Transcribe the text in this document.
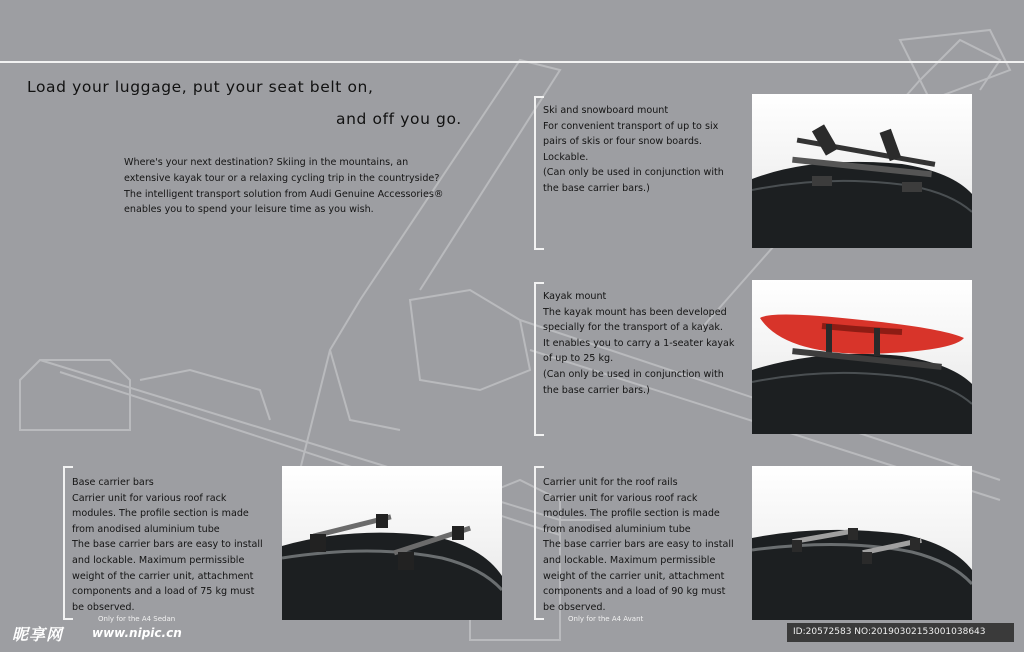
Load your luggage, put your seat belt on,
and off you go.
Where's your next destination? Skiing in the mountains, an
extensive kayak tour or a relaxing cycling trip in the countryside?
The intelligent transport solution from Audi Genuine Accessories®
enables you to spend your leisure time as you wish.

Ski and snowboard mount

For convenient transport of up to six

pairs of skis or four snow boards.

Lockable.

(Can only be used in conjunction with

the base carrier bars.)

Kayak mount

The kayak mount has been developed

specially for the transport of a kayak.

It enables you to carry a 1-seater kayak

of up to 25 kg.

(Can only be used in conjunction with

the base carrier bars.)

Base carrier bars

Carrier unit for various roof rack

modules. The profile section is made

from anodised aluminium tube

The base carrier bars are easy to install

and lockable. Maximum permissible

weight of the carrier unit, attachment

components and a load of 75 kg must

be observed.

Only for the A4 Sedan

Carrier unit for the roof rails

Carrier unit for various roof rack

modules. The profile section is made

from anodised aluminium tube

The base carrier bars are easy to install

and lockable. Maximum permissible

weight of the carrier unit, attachment

components and a load of 90 kg must

be observed.

Only for the A4 Avant
昵享网 www.nipic.cn	ID:20572583 NO:20190302153001038643
